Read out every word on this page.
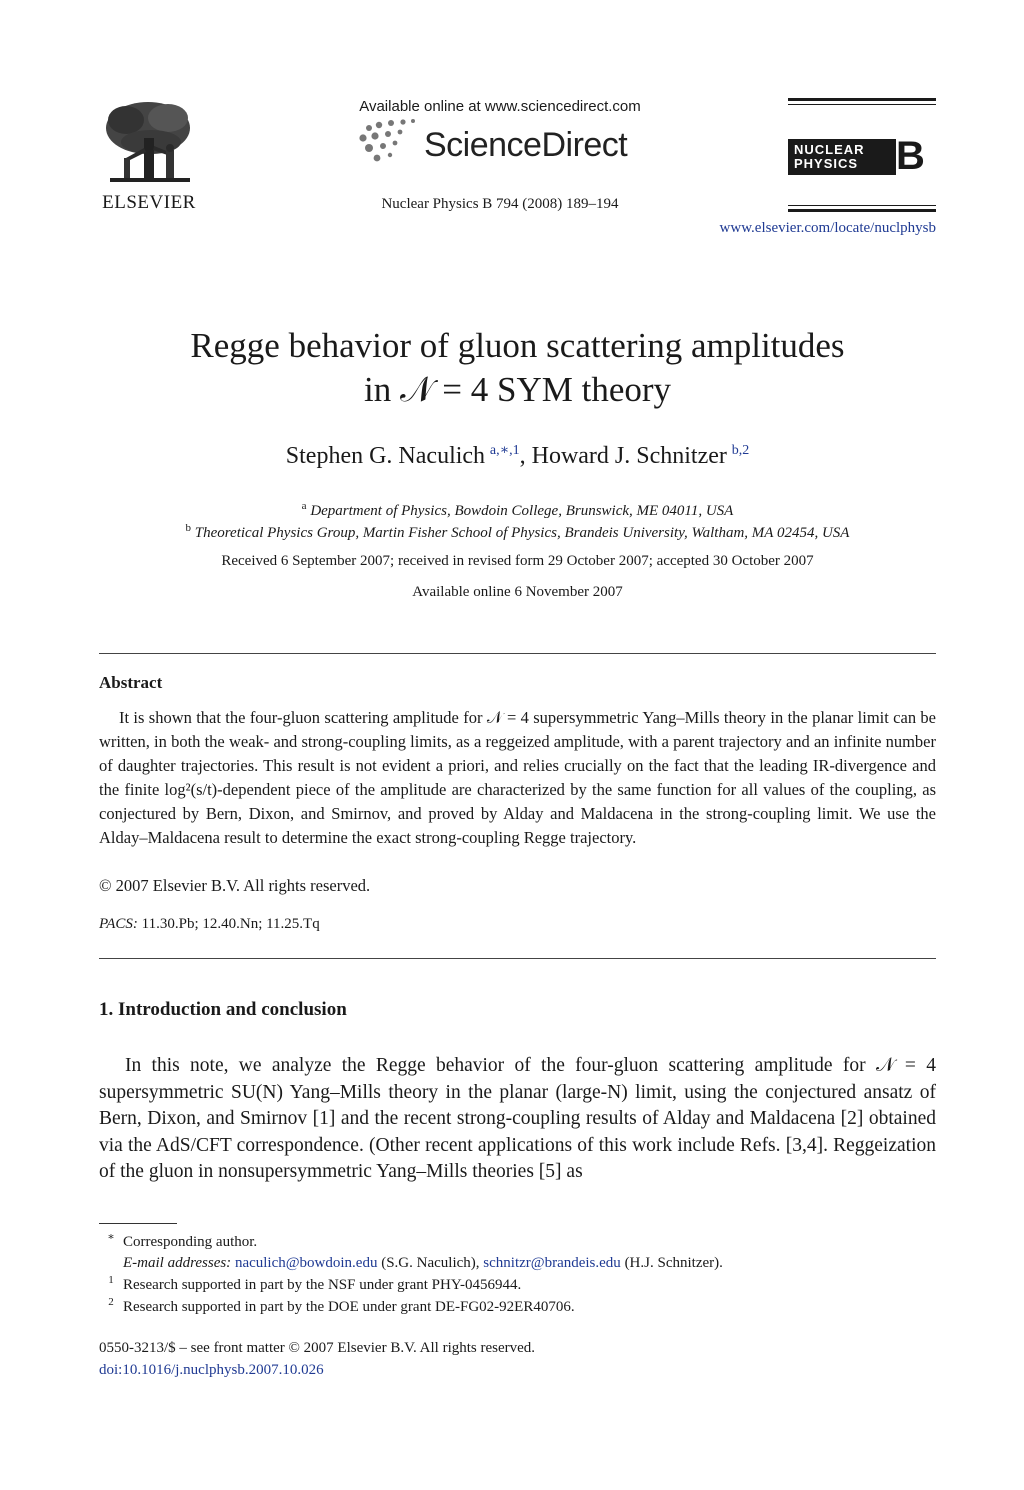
ELSEVIER
Available online at www.sciencedirect.com
ScienceDirect
Nuclear Physics B 794 (2008) 189–194
NUCLEAR
PHYSICS B
www.elsevier.com/locate/nuclphysb
Regge behavior of gluon scattering amplitudes
in 𝒩 = 4 SYM theory
Stephen G. Naculich  $^{a,∗,1}$, Howard J. Schnitzer  $^{b,2}$
$^a$ Department of Physics, Bowdoin College, Brunswick, ME 04011, USA
$^b$ Theoretical Physics Group, Martin Fisher School of Physics, Brandeis University, Waltham, MA 02454, USA
Received 6 September 2007; received in revised form 29 October 2007; accepted 30 October 2007
Available online 6 November 2007
Abstract

It is shown that the four-gluon scattering amplitude for 𝒩 = 4 supersymmetric Yang–Mills theory in the planar limit can be written, in both the weak- and strong-coupling limits, as a reggeized amplitude, with a parent trajectory and an infinite number of daughter trajectories. This result is not evident a priori, and relies crucially on the fact that the leading IR-divergence and the finite log²(s/t)-dependent piece of the amplitude are characterized by the same function for all values of the coupling, as conjectured by Bern, Dixon, and Smirnov, and proved by Alday and Maldacena in the strong-coupling limit. We use the Alday–Maldacena result to determine the exact strong-coupling Regge trajectory.

© 2007 Elsevier B.V. All rights reserved.
PACS: 11.30.Pb; 12.40.Nn; 11.25.Tq
1. Introduction and conclusion

In this note, we analyze the Regge behavior of the four-gluon scattering amplitude for 𝒩 = 4 supersymmetric SU(N) Yang–Mills theory in the planar (large-N) limit, using the conjectured ansatz of Bern, Dixon, and Smirnov [1] and the recent strong-coupling results of Alday and Maldacena [2] obtained via the AdS/CFT correspondence. (Other recent applications of this work include Refs. [3,4]. Reggeization of the gluon in nonsupersymmetric Yang–Mills theories [5] as

∗ Corresponding author.
E-mail addresses: naculich@bowdoin.edu (S.G. Naculich), schnitzr@brandeis.edu (H.J. Schnitzer).
1 Research supported in part by the NSF under grant PHY-0456944.
2 Research supported in part by the DOE under grant DE-FG02-92ER40706.
0550-3213/$ – see front matter © 2007 Elsevier B.V. All rights reserved.
doi:10.1016/j.nuclphysb.2007.10.026
